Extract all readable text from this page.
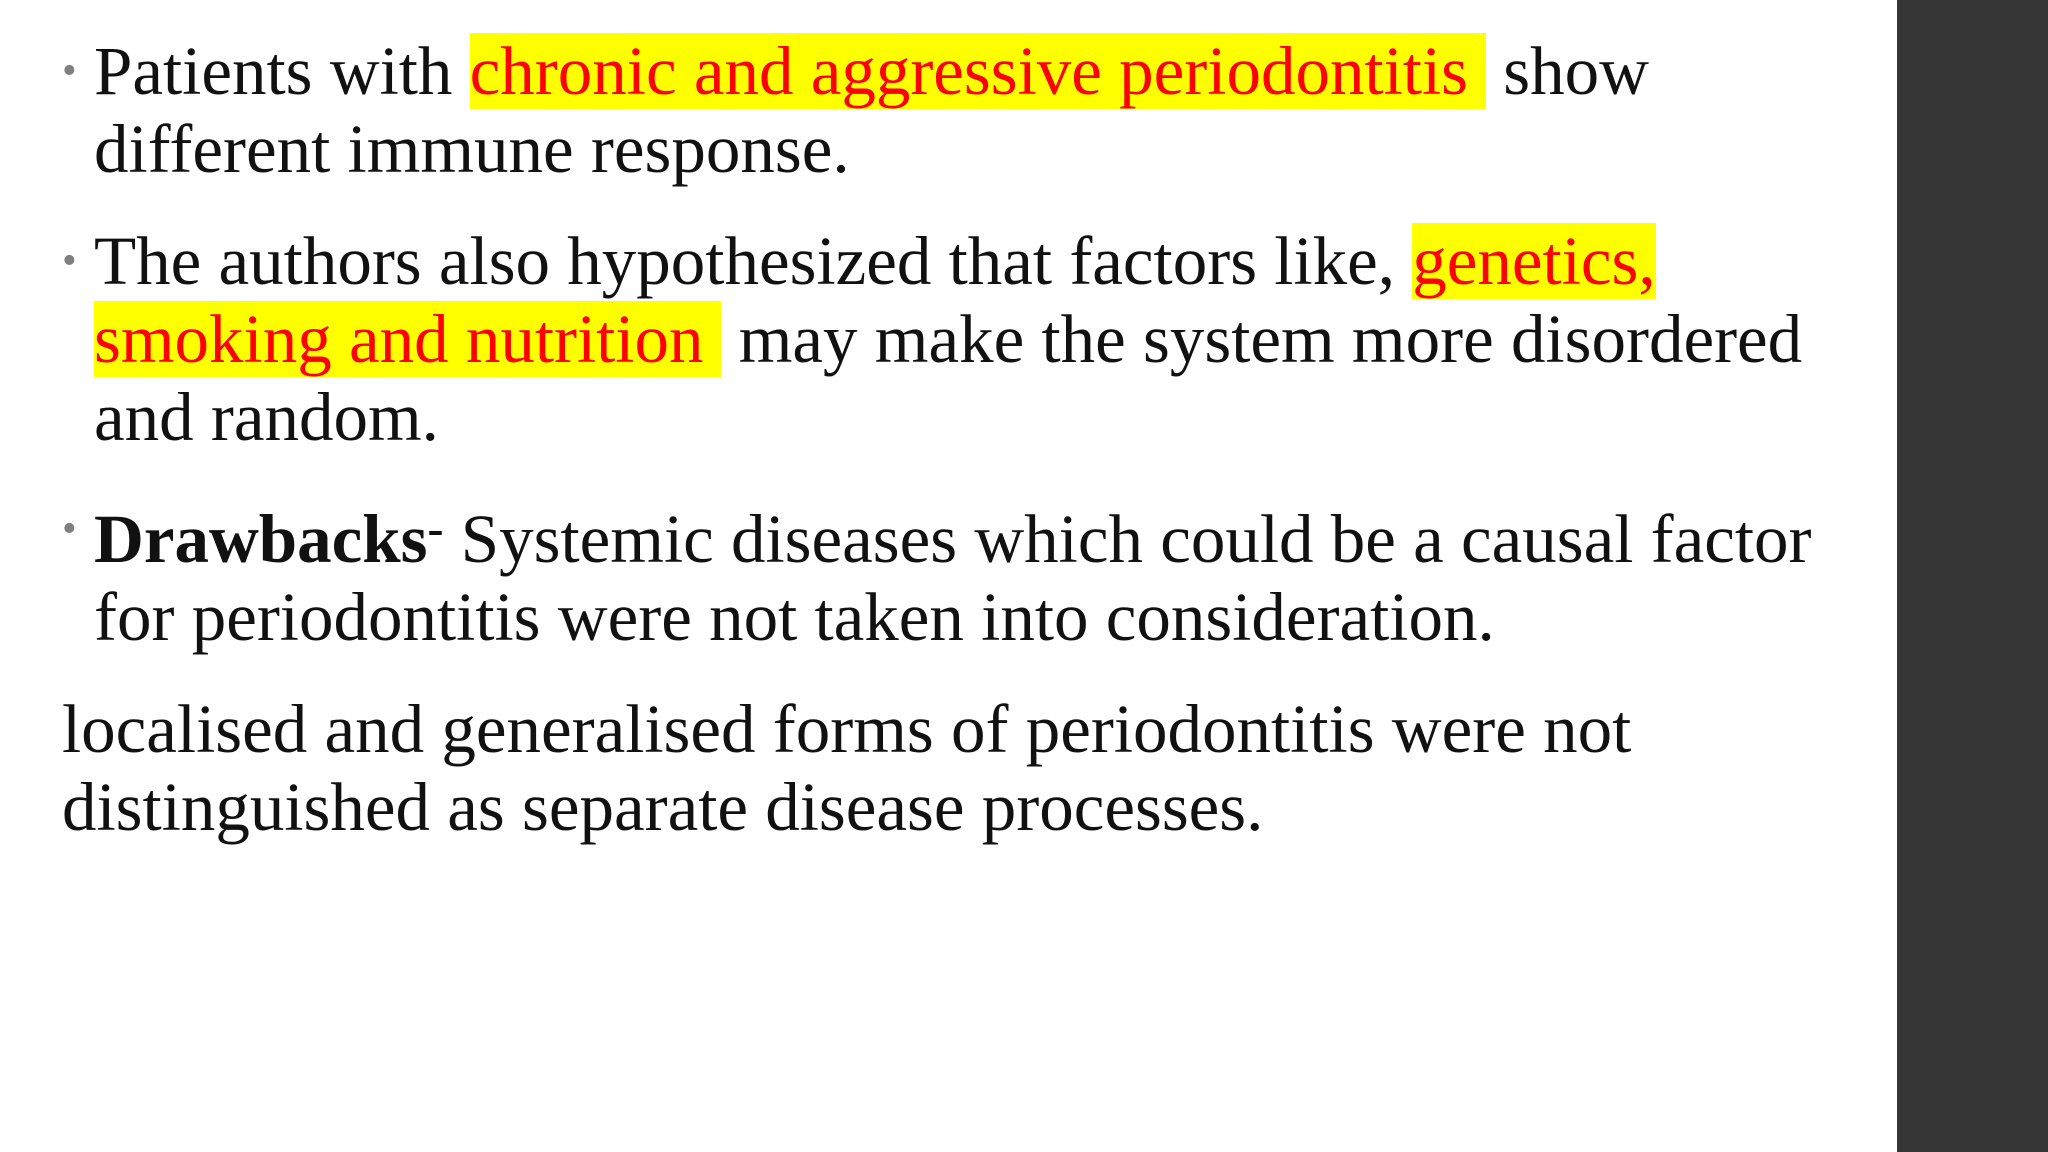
• Patients with chronic and aggressive periodontitis show different immune response.

• The authors also hypothesized that factors like, genetics, smoking and nutrition may make the system more disordered and random.

• Drawbacks- Systemic diseases which could be a causal factor for periodontitis were not taken into consideration.

localised and generalised forms of periodontitis were not distinguished as separate disease processes.
